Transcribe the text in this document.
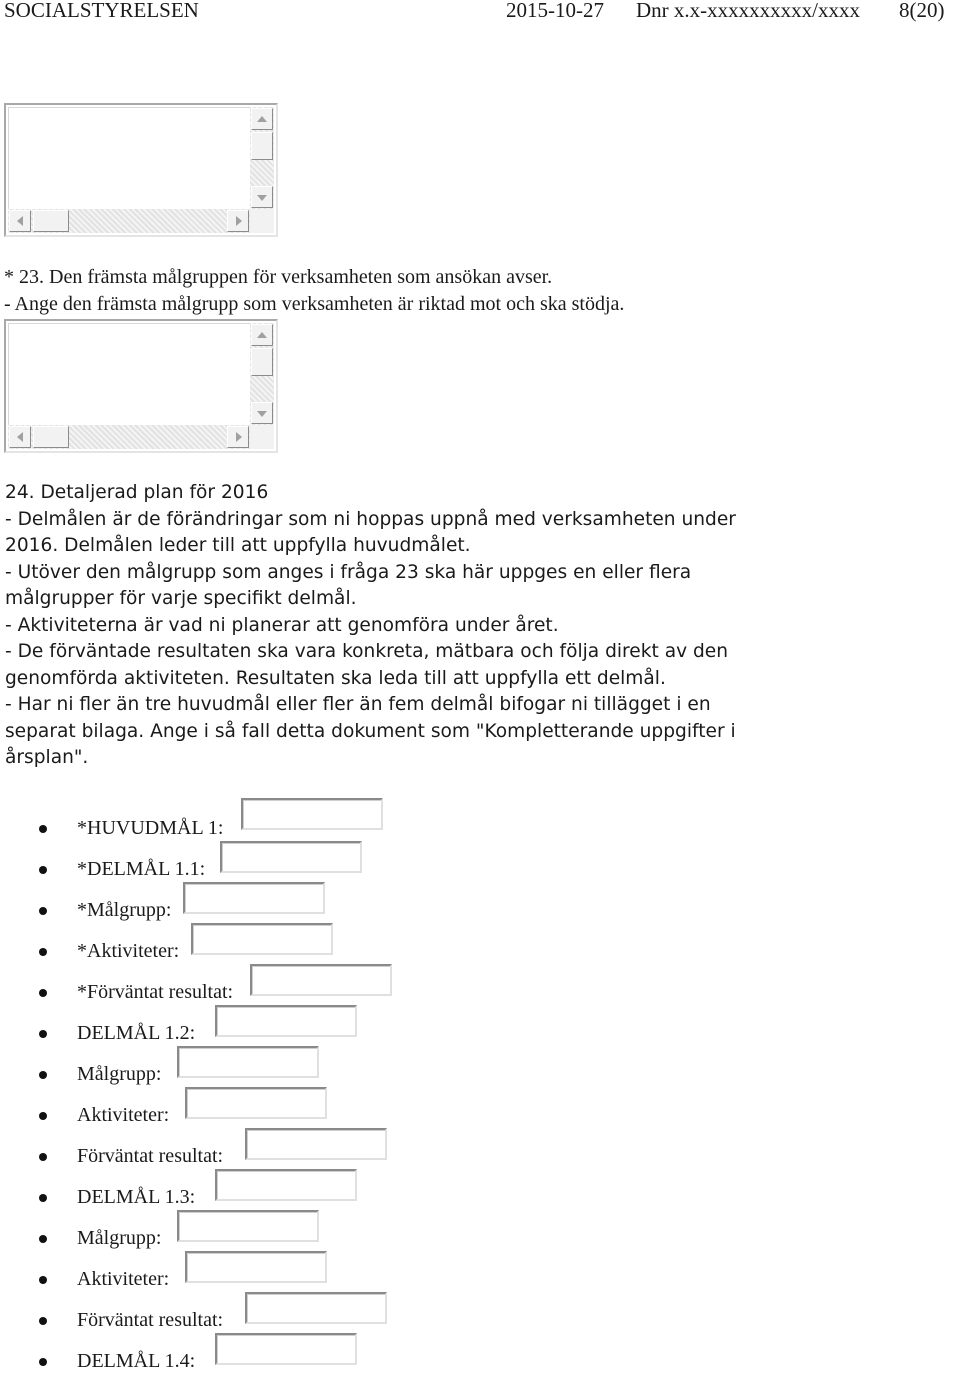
SOCIALSTYRELSEN	2015-10-27 Dnr x.x-xxxxxxxxxx/xxxx 8(20)
* 23. Den främsta målgruppen för verksamheten som ansökan avser.
- Ange den främsta målgrupp som verksamheten är riktad mot och ska stödja.
24. Detaljerad plan för 2016
- Delmålen är de förändringar som ni hoppas uppnå med verksamheten under
2016. Delmålen leder till att uppfylla huvudmålet.
- Utöver den målgrupp som anges i fråga 23 ska här uppges en eller flera
målgrupper för varje specifikt delmål.
- Aktiviteterna är vad ni planerar att genomföra under året.
- De förväntade resultaten ska vara konkreta, mätbara och följa direkt av den
genomförda aktiviteten. Resultaten ska leda till att uppfylla ett delmål.
- Har ni fler än tre huvudmål eller fler än fem delmål bifogar ni tillägget i en
separat bilaga. Ange i så fall detta dokument som "Kompletterande uppgifter i
årsplan".
*HUVUDMÅL 1:
*DELMÅL 1.1:
*Målgrupp:
*Aktiviteter:
*Förväntat resultat:
DELMÅL 1.2:
Målgrupp:
Aktiviteter:
Förväntat resultat:
DELMÅL 1.3:
Målgrupp:
Aktiviteter:
Förväntat resultat:
DELMÅL 1.4:
